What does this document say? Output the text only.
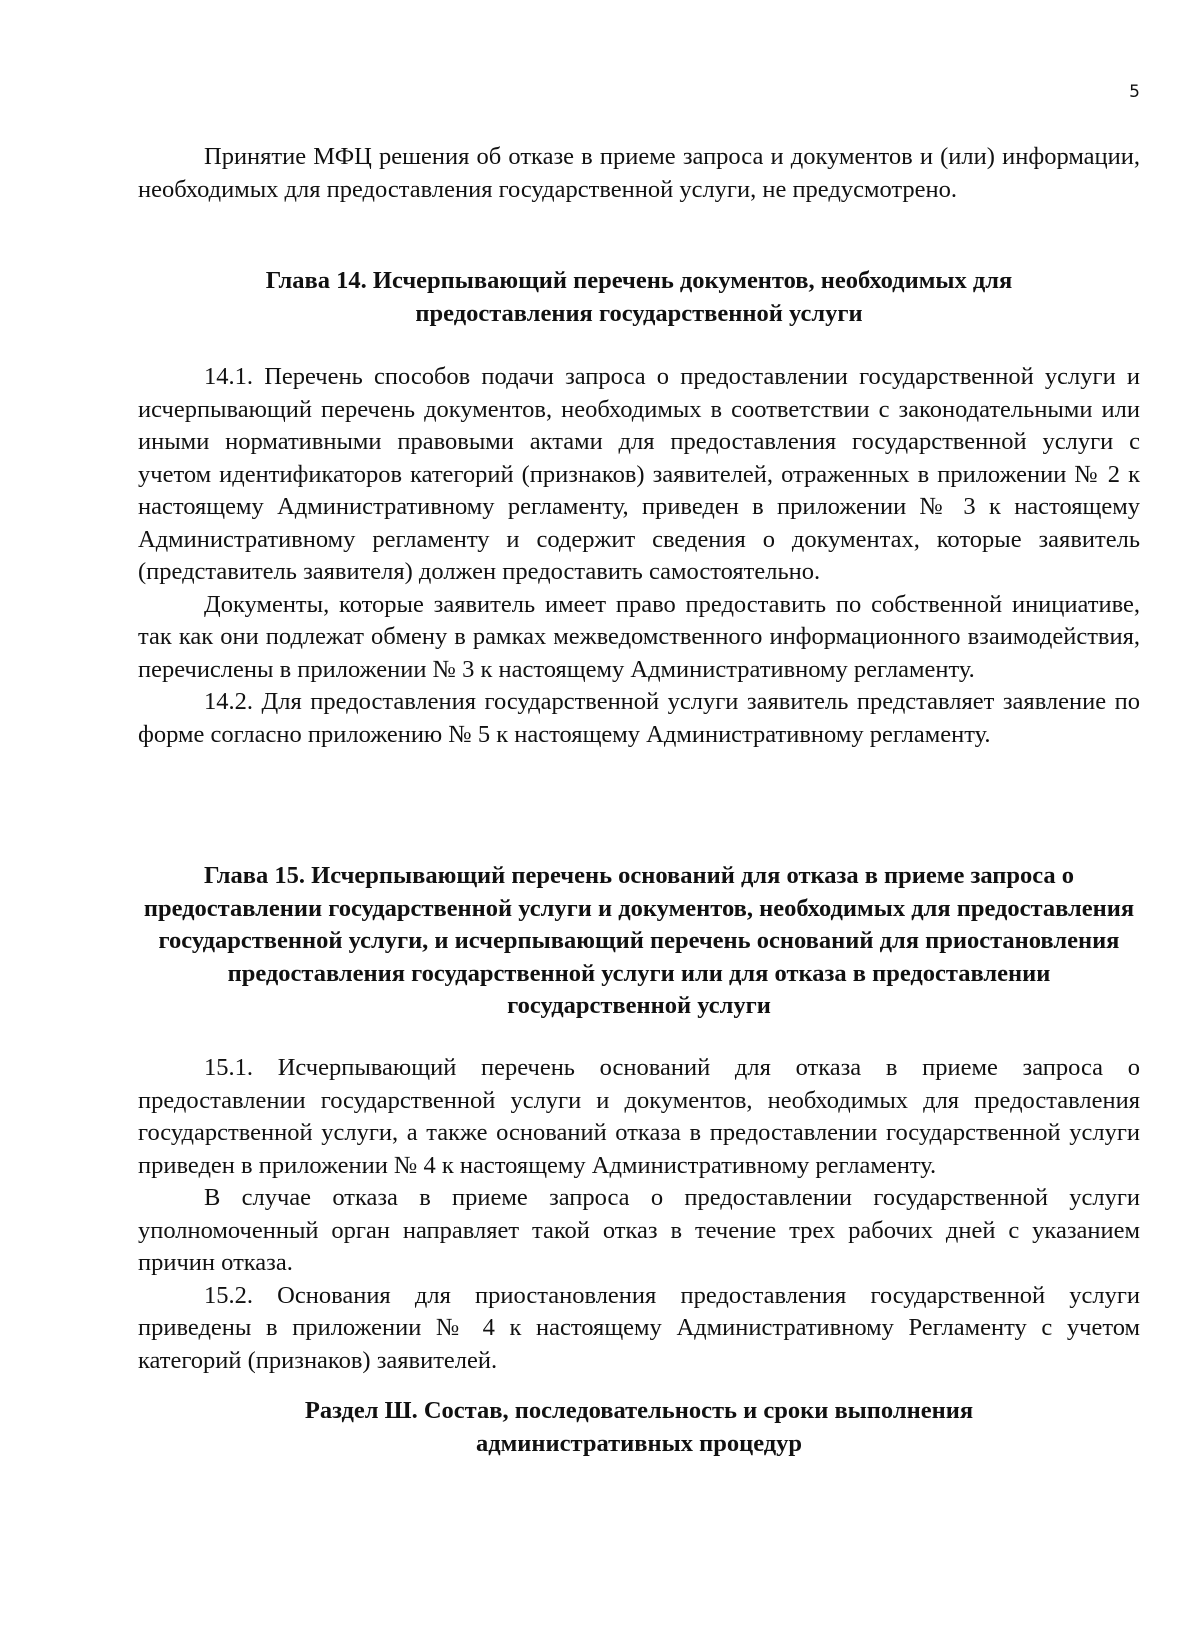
5

Принятие МФЦ решения об отказе в приеме запроса и документов и (или) информации, необходимых для предоставления государственной услуги, не предусмотрено.

Глава 14. Исчерпывающий перечень документов, необходимых для предоставления государственной услуги

14.1. Перечень способов подачи запроса о предоставлении государственной услуги и исчерпывающий перечень документов, необходимых в соответствии с законодательными или иными нормативными правовыми актами для предоставления государственной услуги с учетом идентификаторов категорий (признаков) заявителей, отраженных в приложении № 2 к настоящему Административному регламенту, приведен в приложении № 3 к настоящему Административному регламенту и содержит сведения о документах, которые заявитель (представитель заявителя) должен предоставить самостоятельно.

Документы, которые заявитель имеет право предоставить по собственной инициативе, так как они подлежат обмену в рамках межведомственного информационного взаимодействия, перечислены в приложении № 3 к настоящему Административному регламенту.

14.2. Для предоставления государственной услуги заявитель представляет заявление по форме согласно приложению № 5 к настоящему Административному регламенту.

Глава 15. Исчерпывающий перечень оснований для отказа в приеме запроса о предоставлении государственной услуги и документов, необходимых для предоставления государственной услуги, и исчерпывающий перечень оснований для приостановления предоставления государственной услуги или для отказа в предоставлении государственной услуги

15.1. Исчерпывающий перечень оснований для отказа в приеме запроса о предоставлении государственной услуги и документов, необходимых для предоставления государственной услуги, а также оснований отказа в предоставлении государственной услуги приведен в приложении № 4 к настоящему Административному регламенту.

В случае отказа в приеме запроса о предоставлении государственной услуги уполномоченный орган направляет такой отказ в течение трех рабочих дней с указанием причин отказа.

15.2. Основания для приостановления предоставления государственной услуги приведены в приложении № 4 к настоящему Административному Регламенту с учетом категорий (признаков) заявителей.

Раздел Ш. Состав, последовательность и сроки выполнения административных процедур
